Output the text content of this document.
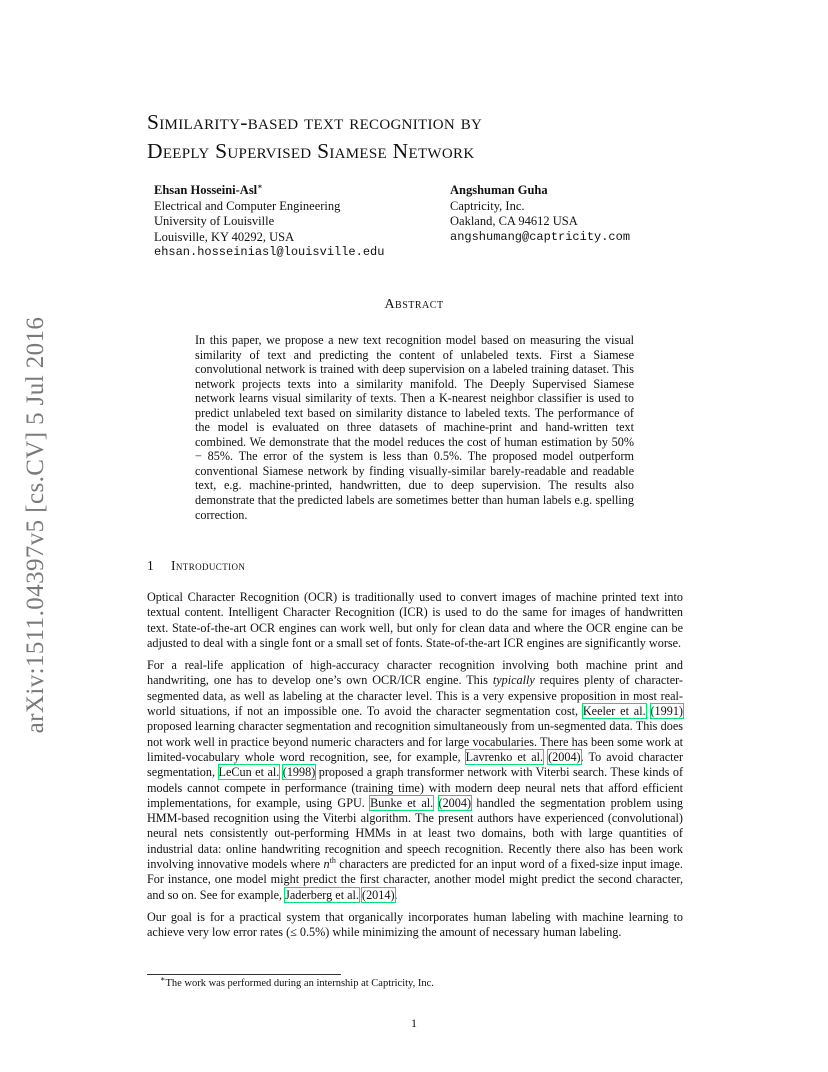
arXiv:1511.04397v5 [cs.CV] 5 Jul 2016
Similarity-based text recognition by
Deeply Supervised Siamese Network
Ehsan Hosseini-Asl∗
Electrical and Computer Engineering
University of Louisville
Louisville, KY 40292, USA
ehsan.hosseiniasl@louisville.edu
Angshuman Guha
Captricity, Inc.
Oakland, CA 94612 USA
angshumang@captricity.com
Abstract
In this paper, we propose a new text recognition model based on measuring the visual similarity of text and predicting the content of unlabeled texts. First a Siamese convolutional network is trained with deep supervision on a labeled training dataset. This network projects texts into a similarity manifold. The Deeply Supervised Siamese network learns visual similarity of texts. Then a K-nearest neighbor classifier is used to predict unlabeled text based on similarity distance to labeled texts. The performance of the model is evaluated on three datasets of machine-print and hand-written text combined. We demonstrate that the model reduces the cost of human estimation by 50% − 85%. The error of the system is less than 0.5%. The proposed model outperform conventional Siamese network by finding visually-similar barely-readable and readable text, e.g. machine-printed, handwritten, due to deep supervision. The results also demonstrate that the predicted labels are sometimes better than human labels e.g. spelling correction.
1 Introduction

Optical Character Recognition (OCR) is traditionally used to convert images of machine printed text into textual content. Intelligent Character Recognition (ICR) is used to do the same for images of handwritten text. State-of-the-art OCR engines can work well, but only for clean data and where the OCR engine can be adjusted to deal with a single font or a small set of fonts. State-of-the-art ICR engines are significantly worse.

For a real-life application of high-accuracy character recognition involving both machine print and handwriting, one has to develop one’s own OCR/ICR engine. This typically requires plenty of character-segmented data, as well as labeling at the character level. This is a very expensive proposition in most real-world situations, if not an impossible one. To avoid the character segmentation cost, Keeler et al. (1991) proposed learning character segmentation and recognition simultaneously from un-segmented data. This does not work well in practice beyond numeric characters and for large vocabularies. There has been some work at limited-vocabulary whole word recognition, see, for example, Lavrenko et al. (2004). To avoid character segmentation, LeCun et al. (1998) proposed a graph transformer network with Viterbi search. These kinds of models cannot compete in performance (training time) with modern deep neural nets that afford efficient implementations, for example, using GPU. Bunke et al. (2004) handled the segmentation problem using HMM-based recognition using the Viterbi algorithm. The present authors have experienced (convolutional) neural nets consistently out-performing HMMs in at least two domains, both with large quantities of industrial data: online handwriting recognition and speech recognition. Recently there also has been work involving innovative models where $n^{th}$ characters are predicted for an input word of a fixed-size input image. For instance, one model might predict the first character, another model might predict the second character, and so on. See for example, Jaderberg et al. (2014).

Our goal is for a practical system that organically incorporates human labeling with machine learning to achieve very low error rates (≤ 0.5%) while minimizing the amount of necessary human labeling.

∗The work was performed during an internship at Captricity, Inc.
1
